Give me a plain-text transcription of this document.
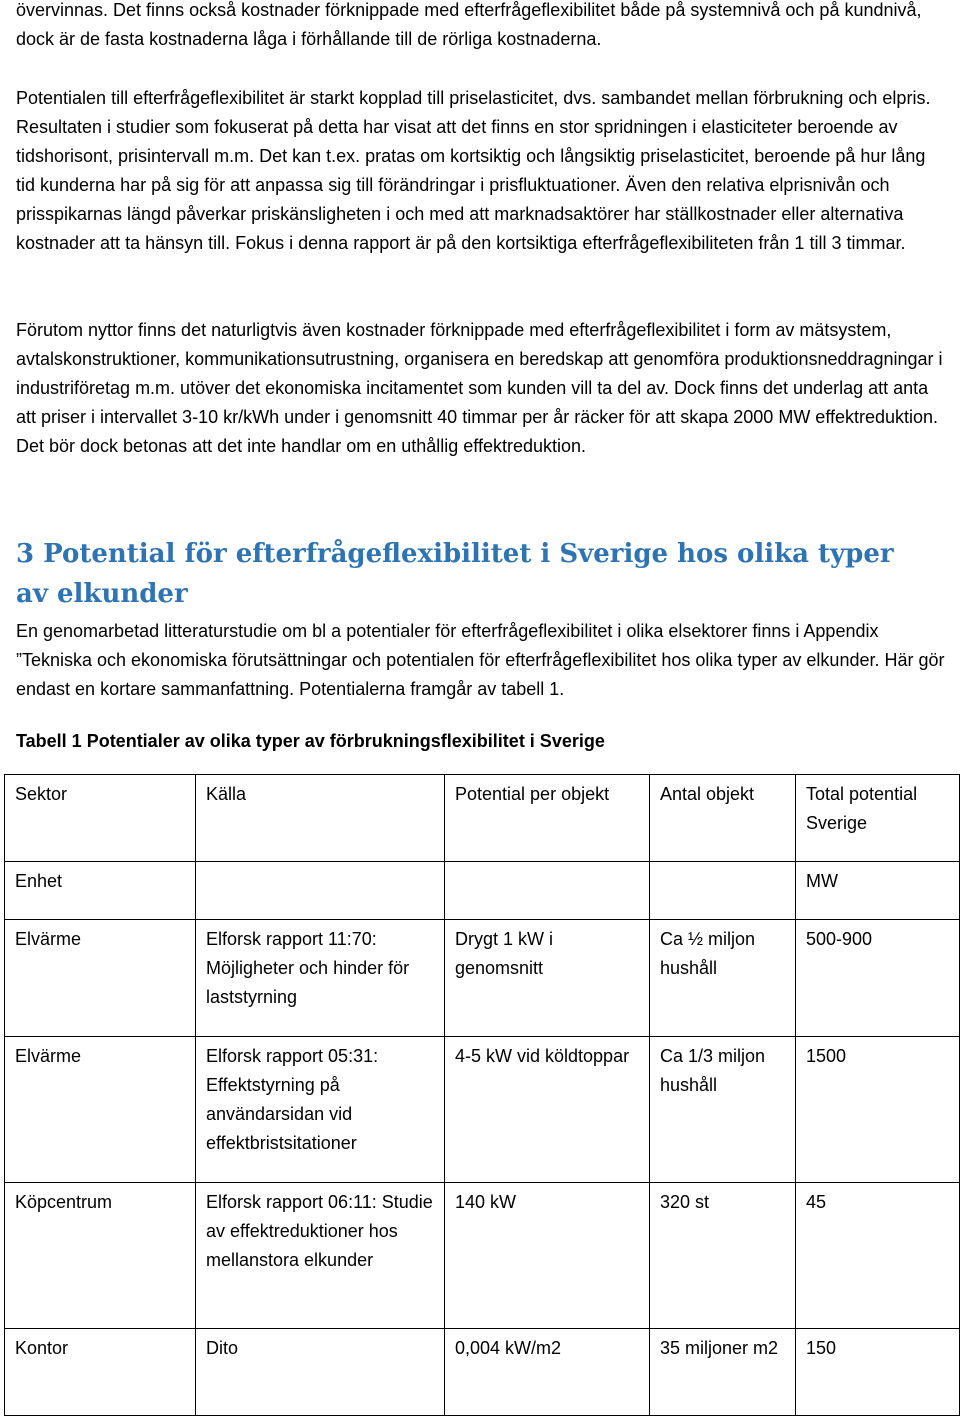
övervinnas. Det finns också kostnader förknippade med efterfrågeflexibilitet både på systemnivå och på kundnivå, dock är de fasta kostnaderna låga i förhållande till de rörliga kostnaderna.

Potentialen till efterfrågeflexibilitet är starkt kopplad till priselasticitet, dvs. sambandet mellan förbrukning och elpris. Resultaten i studier som fokuserat på detta har visat att det finns en stor spridningen i elasticiteter beroende av tidshorisont, prisintervall m.m. Det kan t.ex. pratas om kortsiktig och långsiktig priselasticitet, beroende på hur lång tid kunderna har på sig för att anpassa sig till förändringar i prisfluktuationer. Även den relativa elprisnivån och prisspikarnas längd påverkar priskänsligheten i och med att marknadsaktörer har ställkostnader eller alternativa kostnader att ta hänsyn till. Fokus i denna rapport är på den kortsiktiga efterfrågeflexibiliteten från 1 till 3 timmar.

Förutom nyttor finns det naturligtvis även kostnader förknippade med efterfrågeflexibilitet i form av mätsystem, avtalskonstruktioner, kommunikationsutrustning, organisera en beredskap att genomföra produktionsneddragningar i industriföretag m.m. utöver det ekonomiska incitamentet som kunden vill ta del av. Dock finns det underlag att anta att priser i intervallet 3-10 kr/kWh under i genomsnitt 40 timmar per år räcker för att skapa 2000 MW effektreduktion. Det bör dock betonas att det inte handlar om en uthållig effektreduktion.

3 Potential för efterfrågeflexibilitet i Sverige hos olika typer av elkunder

En genomarbetad litteraturstudie om bl a potentialer för efterfrågeflexibilitet i olika elsektorer finns i Appendix ”Tekniska och ekonomiska förutsättningar och potentialen för efterfrågeflexibilitet hos olika typer av elkunder. Här gör endast en kortare sammanfattning. Potentialerna framgår av tabell 1.

Tabell 1 Potentialer av olika typer av förbrukningsflexibilitet i Sverige

Sektor	Källa	Potential per objekt	Antal objekt	Total potential Sverige
Enhet				MW
Elvärme	Elforsk rapport 11:70: Möjligheter och hinder för laststyrning	Drygt 1 kW i genomsnitt	Ca ½ miljon hushåll	500-900
Elvärme	Elforsk rapport 05:31: Effektstyrning på användarsidan vid effektbristsitationer	4-5 kW vid köldtoppar	Ca 1/3 miljon hushåll	1500
Köpcentrum	Elforsk rapport 06:11: Studie av effektreduktioner hos mellanstora elkunder	140 kW	320 st	45
Kontor	Dito	0,004 kW/m2	35 miljoner m2	150
